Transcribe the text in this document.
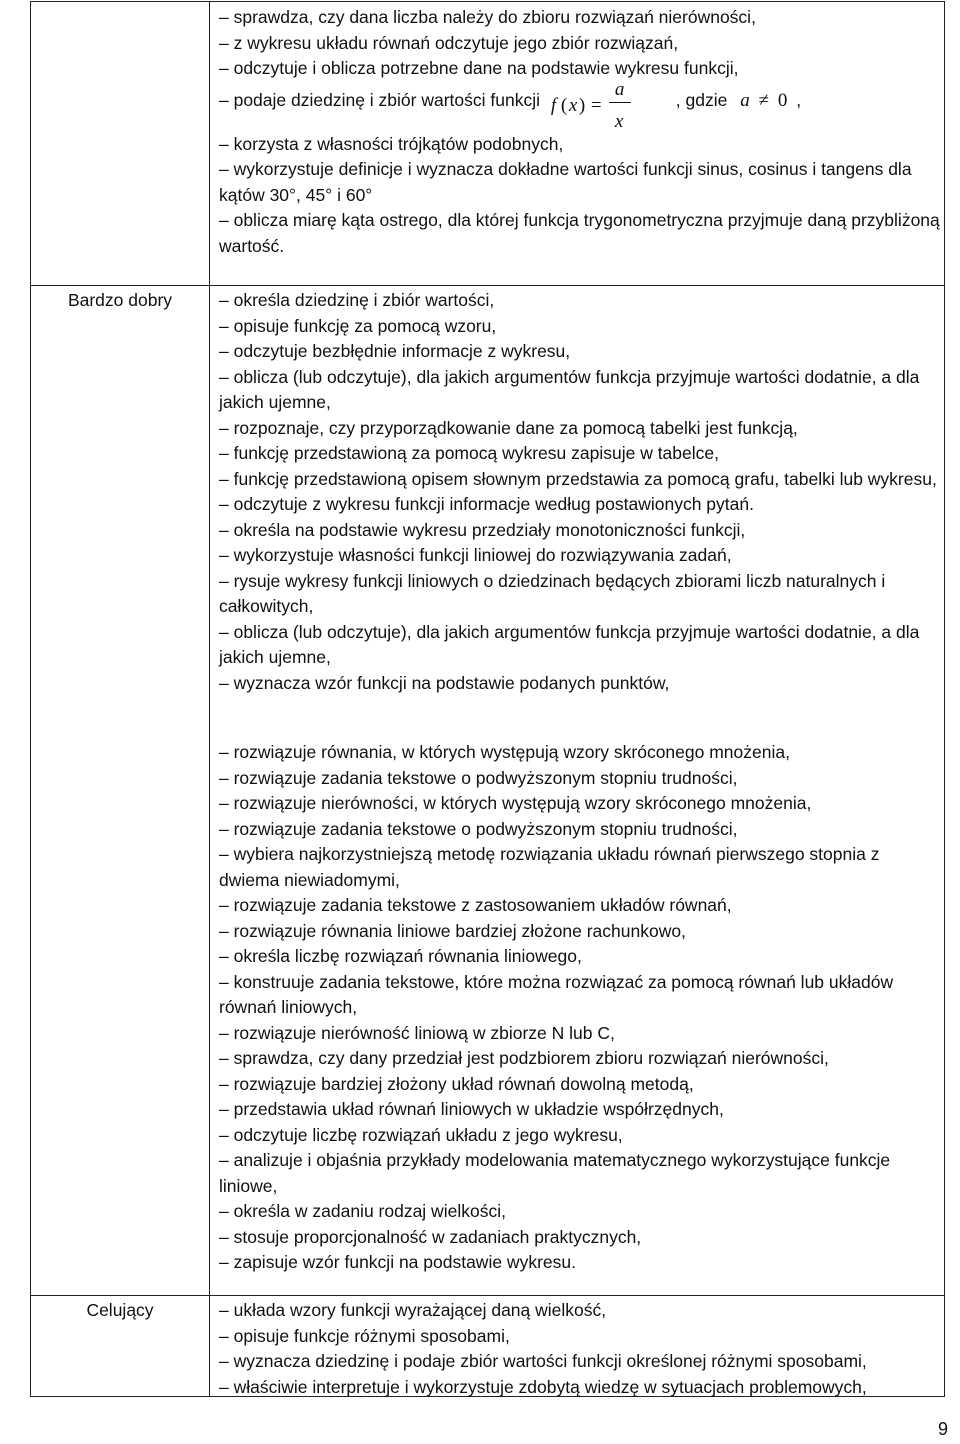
– sprawdza, czy dana liczba należy do zbioru rozwiązań nierówności,

– z wykresu układu równań odczytuje jego zbiór rozwiązań,

– odczytuje i oblicza potrzebne dane na podstawie wykresu funkcji,

– podaje dziedzinę i zbiór wartości funkcji f ( x ) =
a
x
, gdzie a ≠ 0 ,

– korzysta z własności trójkątów podobnych,

– wykorzystuje definicje i wyznacza dokładne wartości funkcji sinus, cosinus i tangens dla kątów 30°, 45° i 60°

– oblicza miarę kąta ostrego, dla której funkcja trygonometryczna przyjmuje daną przybliżoną wartość.

Bardzo dobry	– określa dziedzinę i zbiór wartości,

– opisuje funkcję za pomocą wzoru,

– odczytuje bezbłędnie informacje z wykresu,

– oblicza (lub odczytuje), dla jakich argumentów funkcja przyjmuje wartości dodatnie, a dla jakich ujemne,

– rozpoznaje, czy przyporządkowanie dane za pomocą tabelki jest funkcją,

– funkcję przedstawioną za pomocą wykresu zapisuje w tabelce,

– funkcję przedstawioną opisem słownym przedstawia za pomocą grafu, tabelki lub wykresu,

– odczytuje z wykresu funkcji informacje według postawionych pytań.

– określa na podstawie wykresu przedziały monotoniczności funkcji,

– wykorzystuje własności funkcji liniowej do rozwiązywania zadań,

– rysuje wykresy funkcji liniowych o dziedzinach będących zbiorami liczb naturalnych i całkowitych,

– oblicza (lub odczytuje), dla jakich argumentów funkcja przyjmuje wartości dodatnie, a dla jakich ujemne,

– wyznacza wzór funkcji na podstawie podanych punktów,

– rozwiązuje równania, w których występują wzory skróconego mnożenia,

– rozwiązuje zadania tekstowe o podwyższonym stopniu trudności,

– rozwiązuje nierówności, w których występują wzory skróconego mnożenia,

– rozwiązuje zadania tekstowe o podwyższonym stopniu trudności,

– wybiera najkorzystniejszą metodę rozwiązania układu równań pierwszego stopnia z dwiema niewiadomymi,

– rozwiązuje zadania tekstowe z zastosowaniem układów równań,

– rozwiązuje równania liniowe bardziej złożone rachunkowo,

– określa liczbę rozwiązań równania liniowego,

– konstruuje zadania tekstowe, które można rozwiązać za pomocą równań lub układów równań liniowych,

– rozwiązuje nierówność liniową w zbiorze N lub C,

– sprawdza, czy dany przedział jest podzbiorem zbioru rozwiązań nierówności,

– rozwiązuje bardziej złożony układ równań dowolną metodą,

– przedstawia układ równań liniowych w układzie współrzędnych,

– odczytuje liczbę rozwiązań układu z jego wykresu,

– analizuje i objaśnia przykłady modelowania matematycznego wykorzystujące funkcje liniowe,

– określa w zadaniu rodzaj wielkości,

– stosuje proporcjonalność w zadaniach praktycznych,

– zapisuje wzór funkcji na podstawie wykresu.

Celujący	– układa wzory funkcji wyrażającej daną wielkość,

– opisuje funkcje różnymi sposobami,

– wyznacza dziedzinę i podaje zbiór wartości funkcji określonej różnymi sposobami,

– właściwie interpretuje i wykorzystuje zdobytą wiedzę w sytuacjach problemowych,

9
